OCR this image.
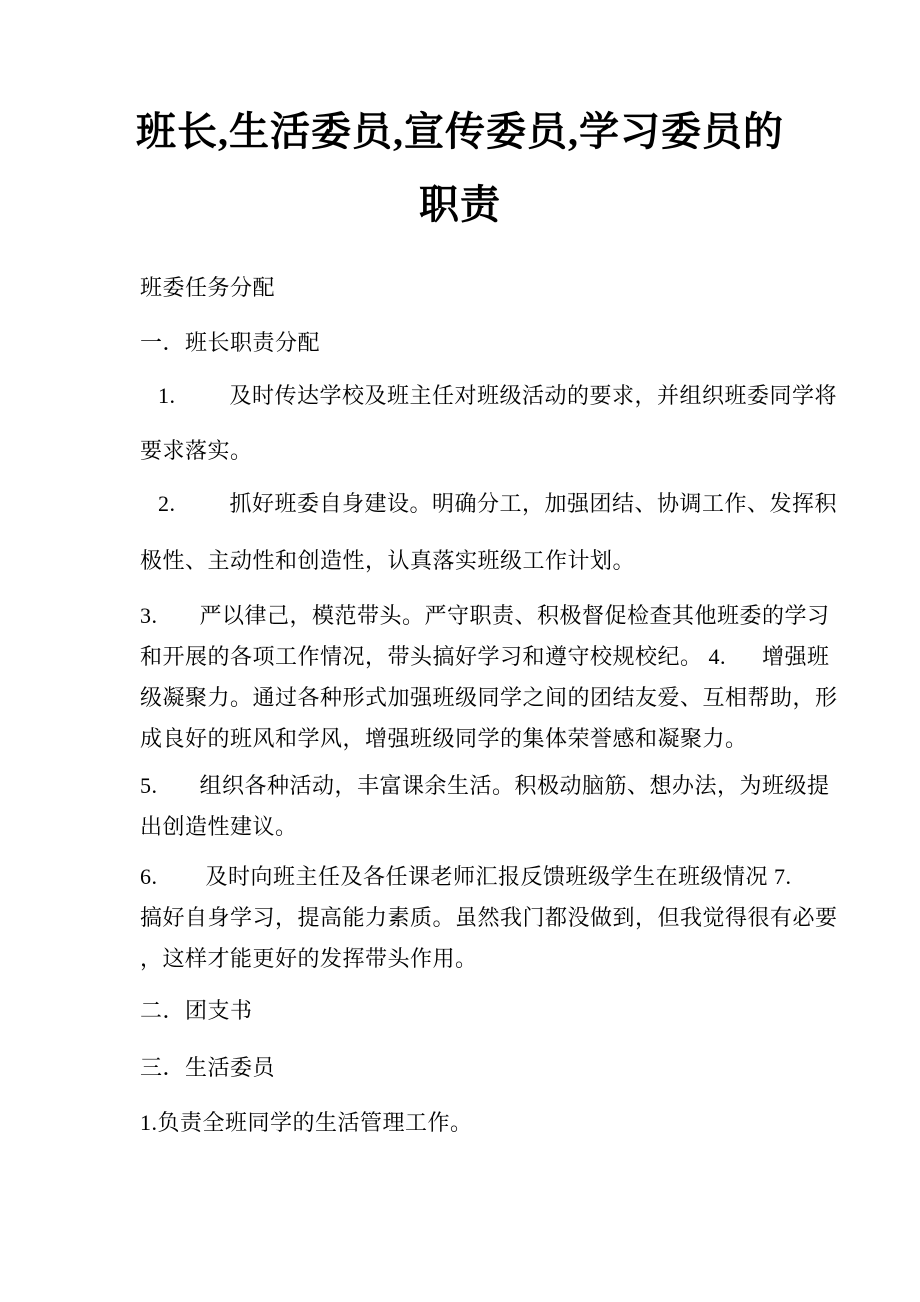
班长,生活委员,宣传委员,学习委员的
职责
班委任务分配
一．班长职责分配
1.         及时传达学校及班主任对班级活动的要求，并组织班委同学将
要求落实。
2.         抓好班委自身建设。明确分工，加强团结、协调工作、发挥积
极性、主动性和创造性，认真落实班级工作计划。
3.       严以律己，模范带头。严守职责、积极督促检查其他班委的学习
和开展的各项工作情况，带头搞好学习和遵守校规校纪。 4.      增强班
级凝聚力。通过各种形式加强班级同学之间的团结友爱、互相帮助，形
成良好的班风和学风，增强班级同学的集体荣誉感和凝聚力。
5.       组织各种活动，丰富课余生活。积极动脑筋、想办法，为班级提
出创造性建议。
6.        及时向班主任及各任课老师汇报反馈班级学生在班级情况 7.
搞好自身学习，提高能力素质。虽然我门都没做到，但我觉得很有必要
，这样才能更好的发挥带头作用。
二．团支书
三．生活委员
1.负责全班同学的生活管理工作。
